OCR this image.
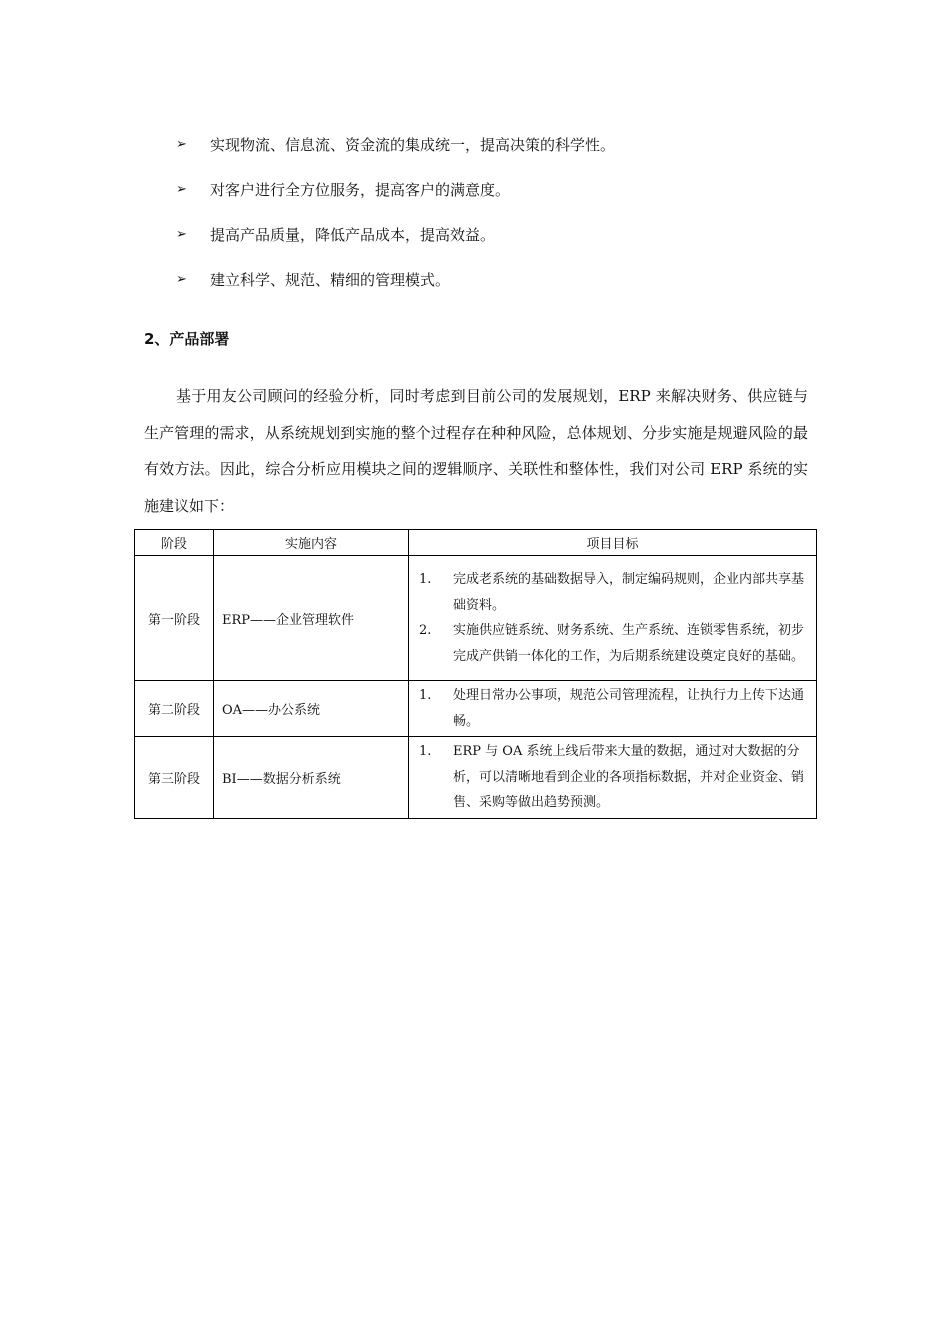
➢	实现物流、信息流、资金流的集成统一，提高决策的科学性。
➢	对客户进行全方位服务，提高客户的满意度。
➢	提高产品质量，降低产品成本，提高效益。
➢	建立科学、规范、精细的管理模式。
2、产品部署

基于用友公司顾问的经验分析，同时考虑到目前公司的发展规划，ERP 来解决财务、供应链与生产管理的需求，从系统规划到实施的整个过程存在种种风险，总体规划、分步实施是规避风险的最有效方法。因此，综合分析应用模块之间的逻辑顺序、关联性和整体性，我们对公司 ERP 系统的实施建议如下：

阶段	实施内容	项目目标
第一阶段	ERP——企业管理软件	1. 完成老系统的基础数据导入，制定编码规则，企业内部共享基础资料。
2. 实施供应链系统、财务系统、生产系统、连锁零售系统，初步完成产供销一体化的工作，为后期系统建设奠定良好的基础。

第二阶段	OA——办公系统	1. 处理日常办公事项，规范公司管理流程，让执行力上传下达通畅。

第三阶段	BI——数据分析系统	1. ERP 与 OA 系统上线后带来大量的数据，通过对大数据的分析，可以清晰地看到企业的各项指标数据，并对企业资金、销售、采购等做出趋势预测。
